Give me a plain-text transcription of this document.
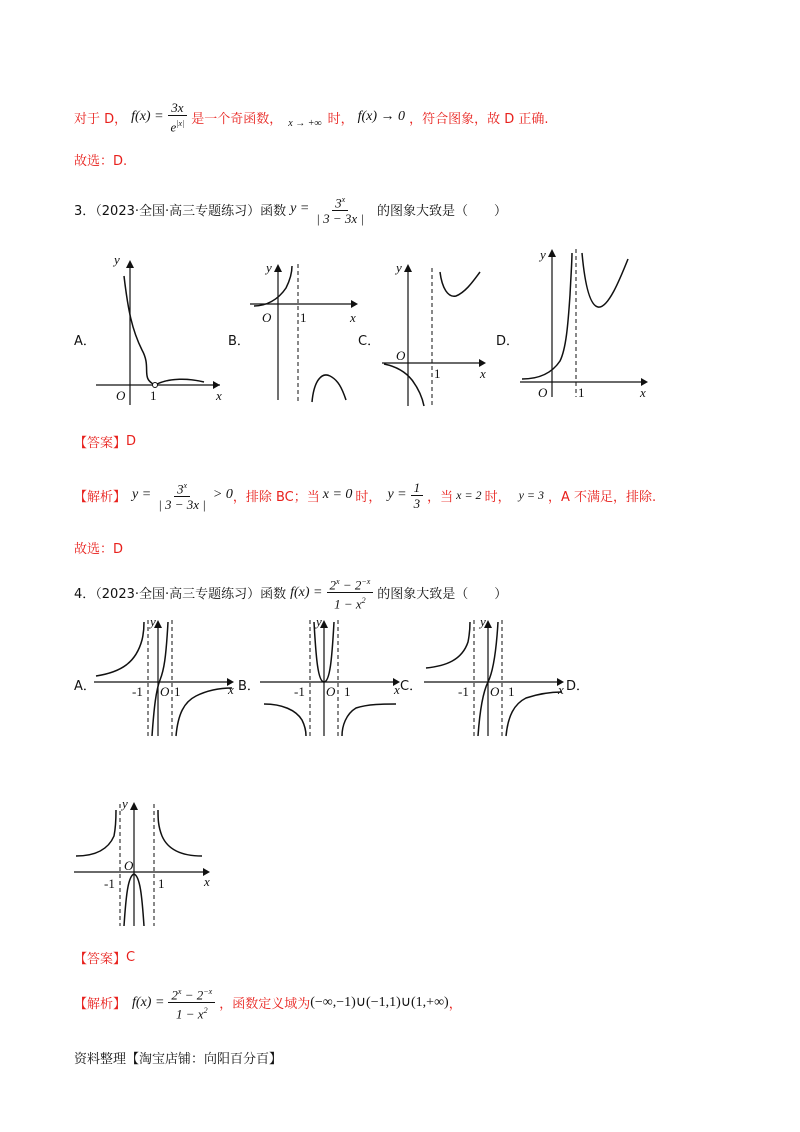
对于 D， $f(x) = \frac{3x}{e^{|x|}}$ 是一个奇函数， x → +∞ 时， f(x) → 0 ，符合图象，故 D 正确.
故选：D.
3．（2023·全国·高三专题练习）函数 $y = \frac{3^x}{| 3 - 3x |}$ 的图象大致是（　　）
A．	B．	C．	D．
y
x
O 1
y
x
O 1
y
x
O
1
y
x
O 1
【答案】 D
【解析】 $y = \frac{3^x}{| 3 - 3x |} > 0$ ，排除 BC；当 x = 0 时， $y = \frac{1}{3}$ ，当 x = 2 时， y = 3 ，A 不满足，排除.
故选：D
4．（2023·全国·高三专题练习）函数 $f(x) = \frac{2^x - 2^{-x}}{1 - x^2}$ 的图象大致是（　　）
A．	B．	C．	D．
y
x
-1 O 1
y
x
-1 O 1
y
x
-1 O 1
y
x
-1
O
1
【答案】 C
【解析】 $f(x) = \frac{2^x - 2^{-x}}{1 - x^2}$ ，函数定义域为 (−∞,−1)∪(−1,1)∪(1,+∞) ，
资料整理【淘宝店铺：向阳百分百】
